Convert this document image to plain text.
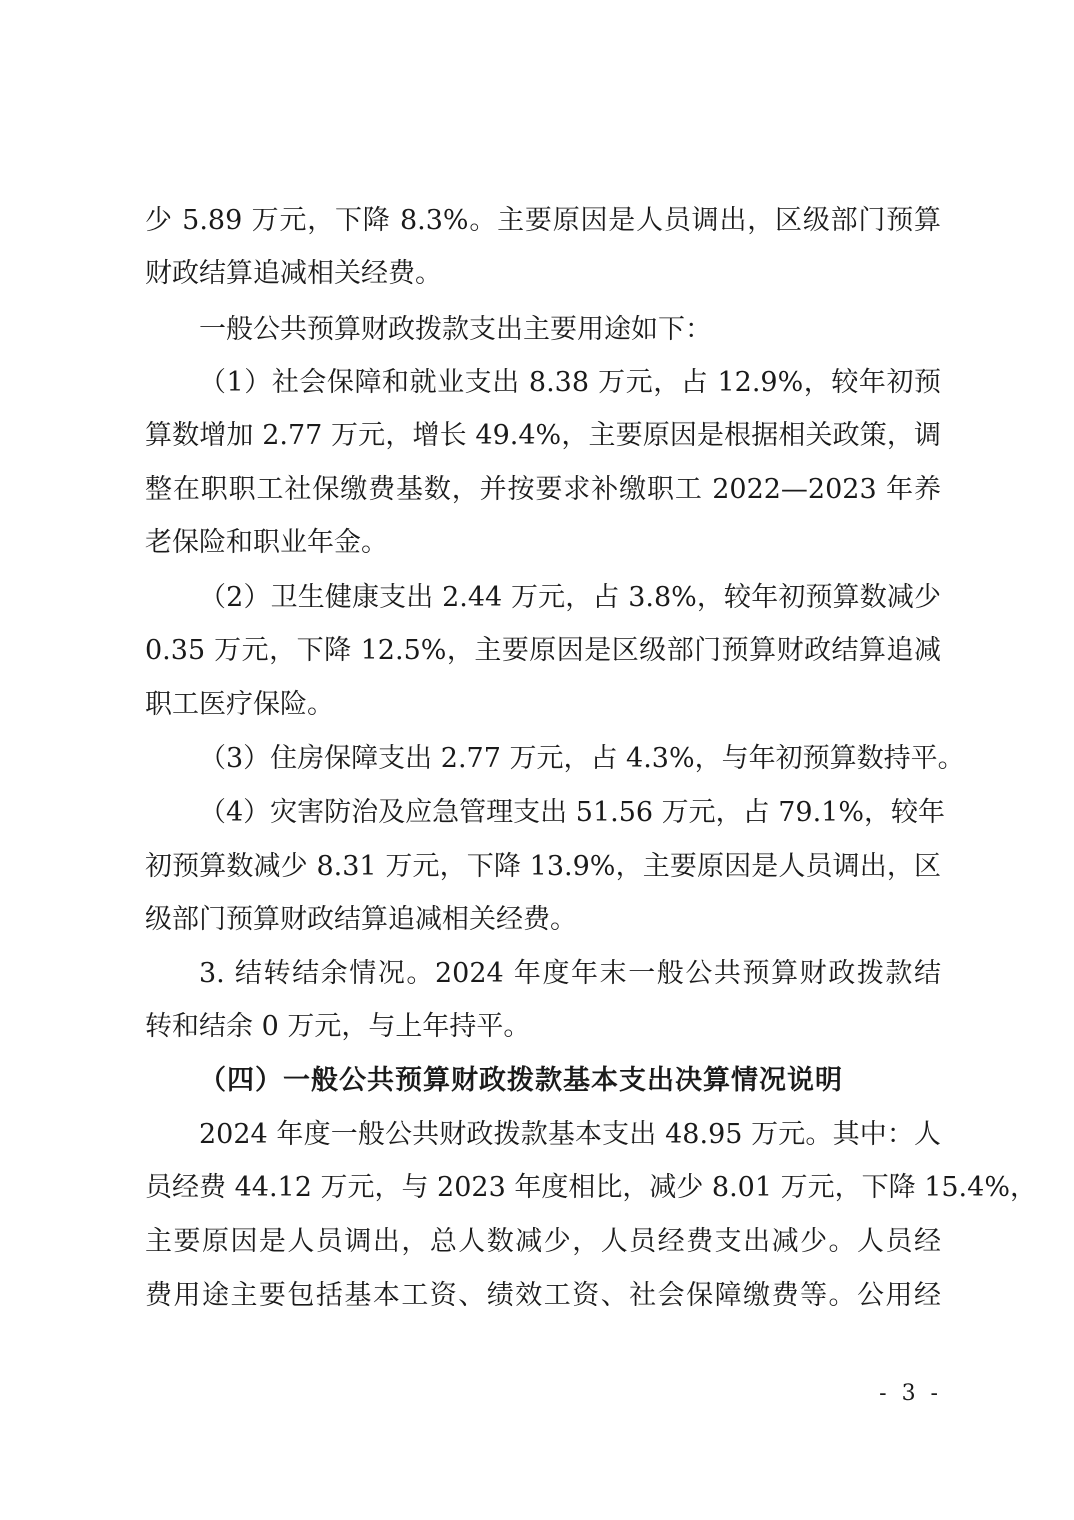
少 5.89 万元，下降 8.3%。主要原因是人员调出，区级部门预算
财政结算追减相关经费。
一般公共预算财政拨款支出主要用途如下：
（1）社会保障和就业支出 8.38 万元，占 12.9%，较年初预
算数增加 2.77 万元，增长 49.4%，主要原因是根据相关政策，调
整在职职工社保缴费基数，并按要求补缴职工 2022—2023 年养
老保险和职业年金。
（2）卫生健康支出 2.44 万元，占 3.8%，较年初预算数减少
0.35 万元，下降 12.5%，主要原因是区级部门预算财政结算追减
职工医疗保险。
（3）住房保障支出 2.77 万元，占 4.3%，与年初预算数持平。
（4）灾害防治及应急管理支出 51.56 万元，占 79.1%，较年
初预算数减少 8.31 万元，下降 13.9%，主要原因是人员调出，区
级部门预算财政结算追减相关经费。
3. 结转结余情况。2024 年度年末一般公共预算财政拨款结
转和结余 0 万元，与上年持平。
（四）一般公共预算财政拨款基本支出决算情况说明
2024 年度一般公共财政拨款基本支出 48.95 万元。其中：人
员经费 44.12 万元，与 2023 年度相比，减少 8.01 万元，下降 15.4%，
主要原因是人员调出，总人数减少，人员经费支出减少。人员经
费用途主要包括基本工资、绩效工资、社会保障缴费等。公用经
- 3 -
